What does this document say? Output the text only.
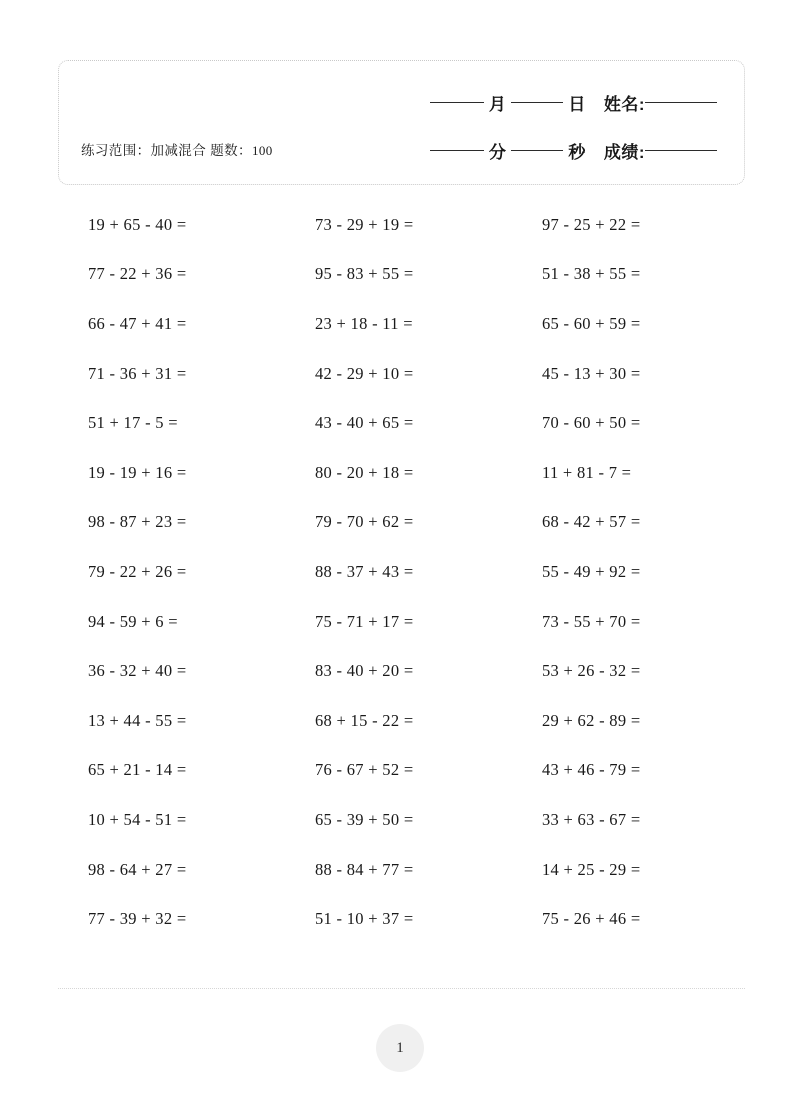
练习范围：加减混合 题数：100
月	日 姓名:
分	秒 成绩:
19 + 65 - 40 =	73 - 29 + 19 =	97 - 25 + 22 =
77 - 22 + 36 =	95 - 83 + 55 =	51 - 38 + 55 =
66 - 47 + 41 =	23 + 18 - 11 =	65 - 60 + 59 =
71 - 36 + 31 =	42 - 29 + 10 =	45 - 13 + 30 =
51 + 17 - 5 =	43 - 40 + 65 =	70 - 60 + 50 =
19 - 19 + 16 =	80 - 20 + 18 =	11 + 81 - 7 =
98 - 87 + 23 =	79 - 70 + 62 =	68 - 42 + 57 =
79 - 22 + 26 =	88 - 37 + 43 =	55 - 49 + 92 =
94 - 59 + 6 =	75 - 71 + 17 =	73 - 55 + 70 =
36 - 32 + 40 =	83 - 40 + 20 =	53 + 26 - 32 =
13 + 44 - 55 =	68 + 15 - 22 =	29 + 62 - 89 =
65 + 21 - 14 =	76 - 67 + 52 =	43 + 46 - 79 =
10 + 54 - 51 =	65 - 39 + 50 =	33 + 63 - 67 =
98 - 64 + 27 =	88 - 84 + 77 =	14 + 25 - 29 =
77 - 39 + 32 =	51 - 10 + 37 =	75 - 26 + 46 =
1
